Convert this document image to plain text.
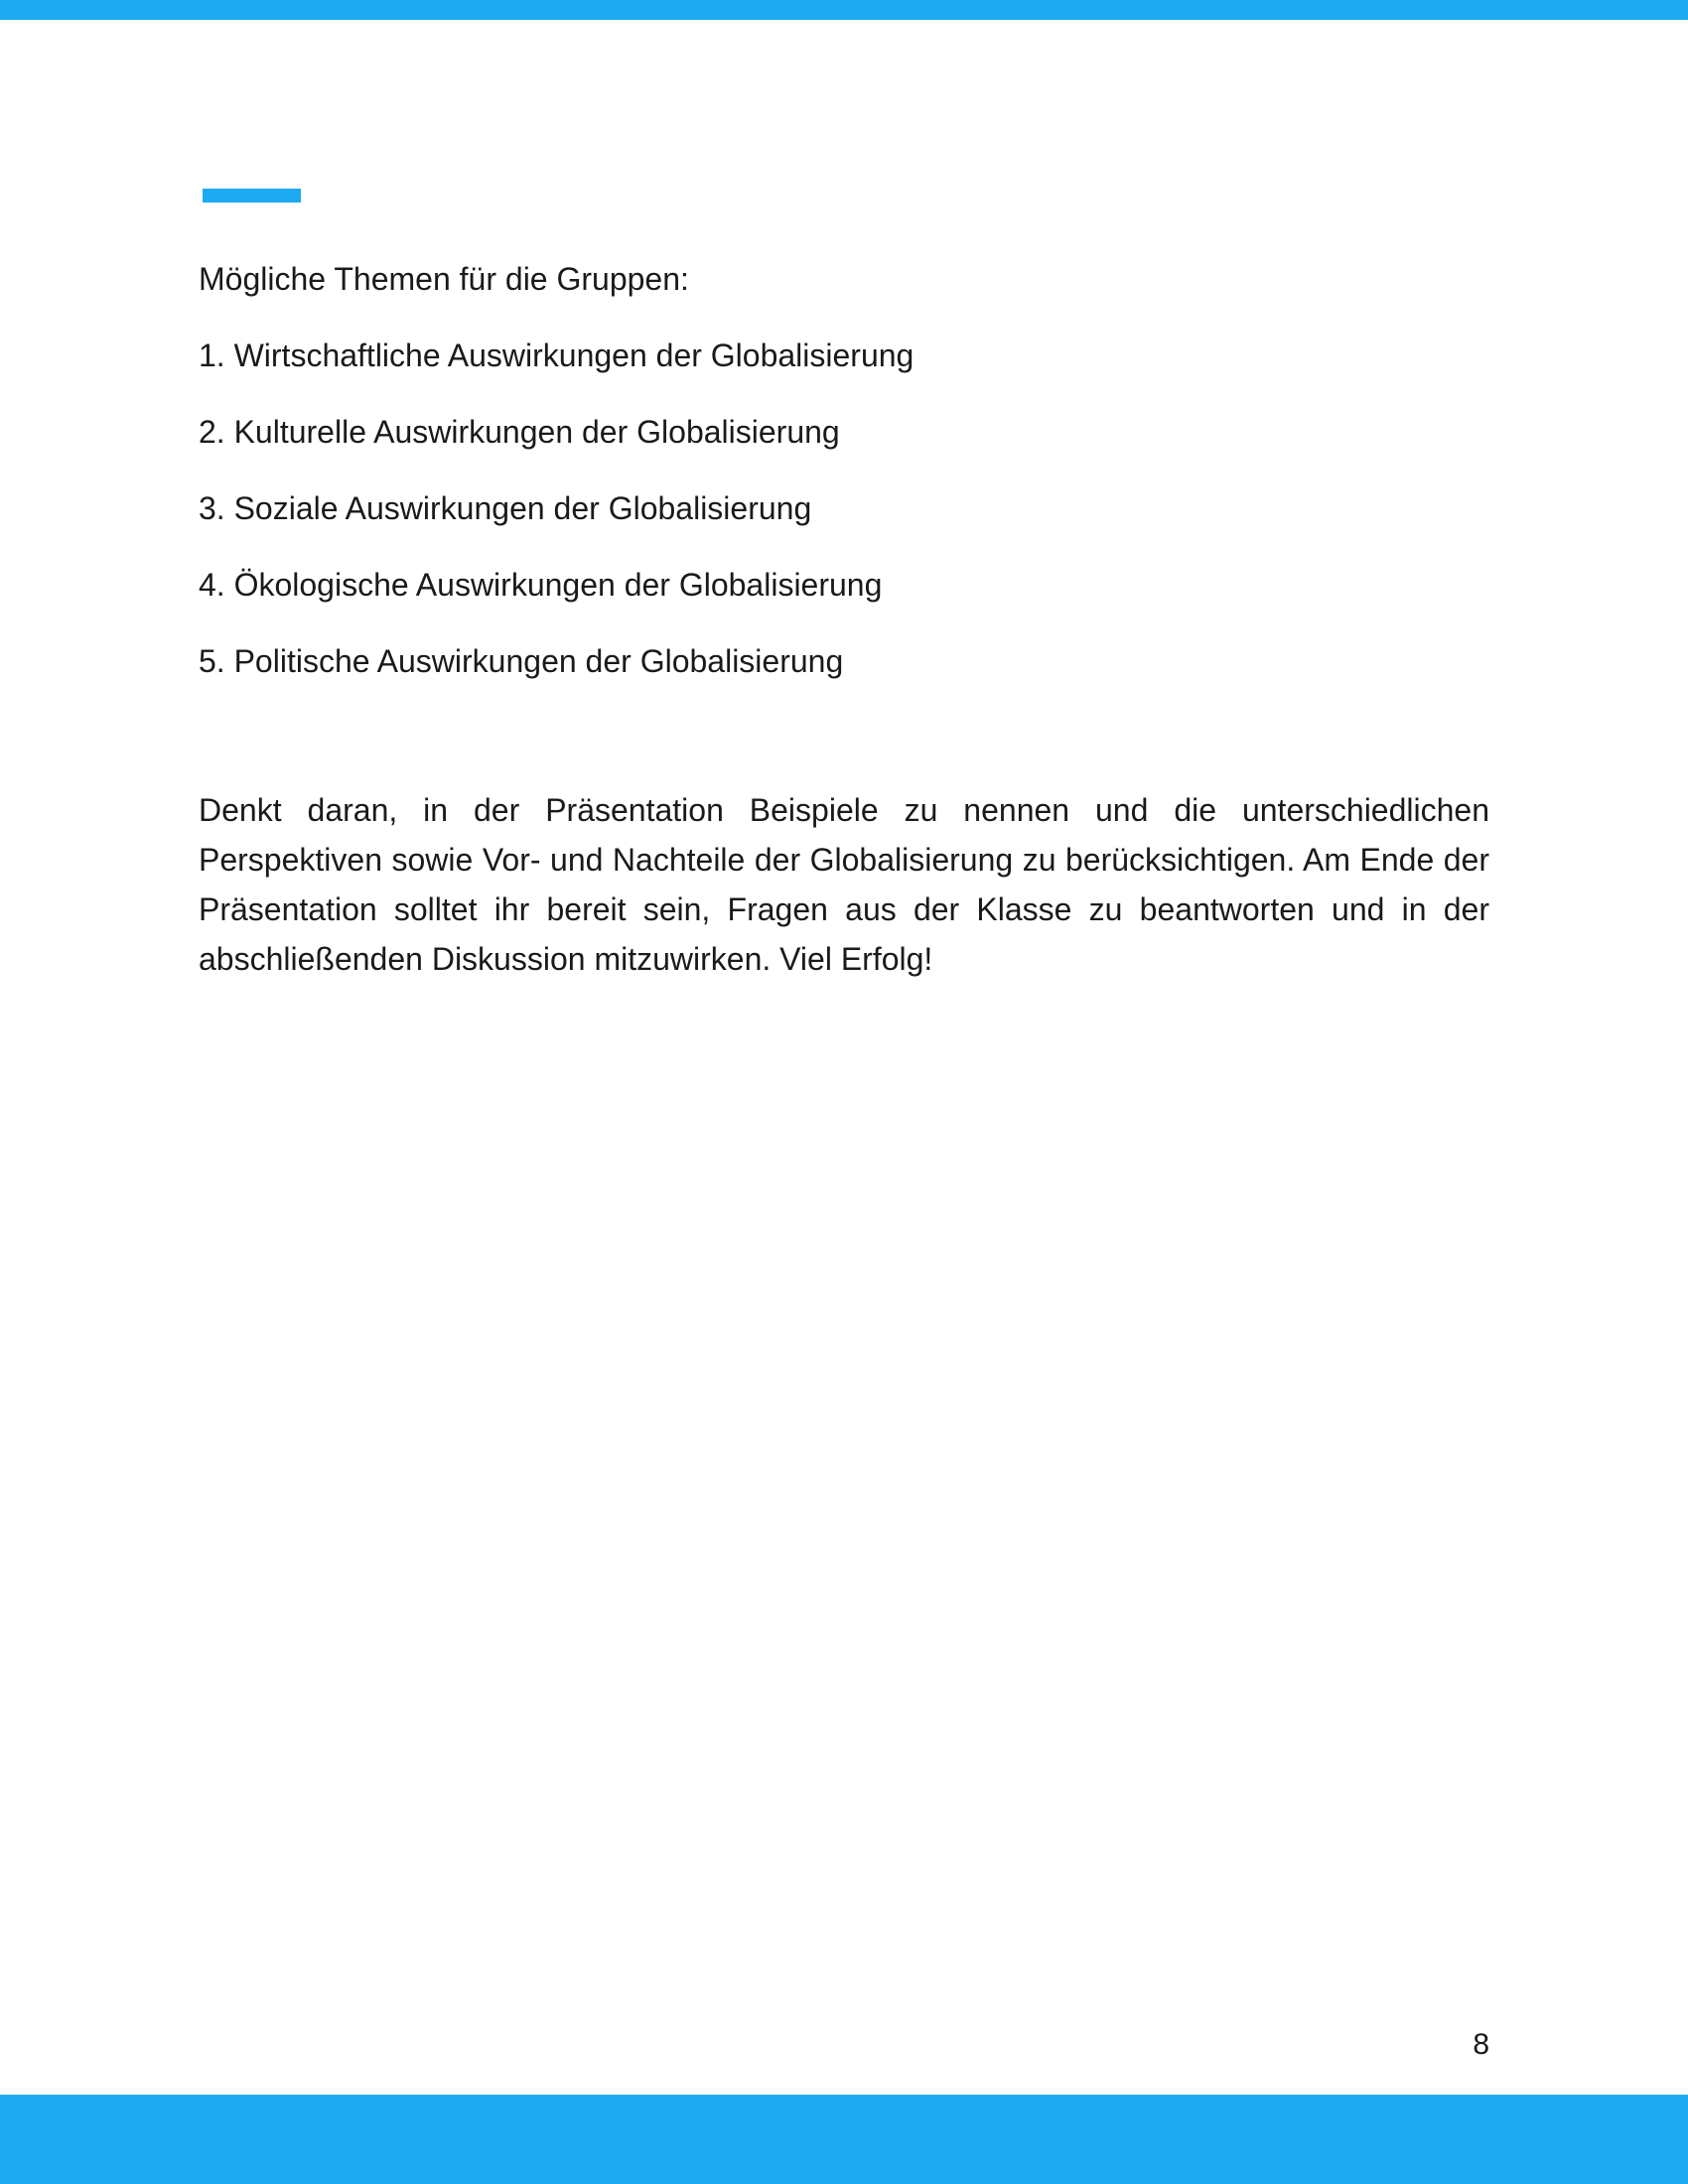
Mögliche Themen für die Gruppen:

1. Wirtschaftliche Auswirkungen der Globalisierung
2. Kulturelle Auswirkungen der Globalisierung
3. Soziale Auswirkungen der Globalisierung
4. Ökologische Auswirkungen der Globalisierung
5. Politische Auswirkungen der Globalisierung

Denkt daran, in der Präsentation Beispiele zu nennen und die unterschiedlichen Perspektiven sowie Vor- und Nachteile der Globalisierung zu berücksichtigen. Am Ende der Präsentation solltet ihr bereit sein, Fragen aus der Klasse zu beantworten und in der abschließenden Diskussion mitzuwirken. Viel Erfolg!

8
